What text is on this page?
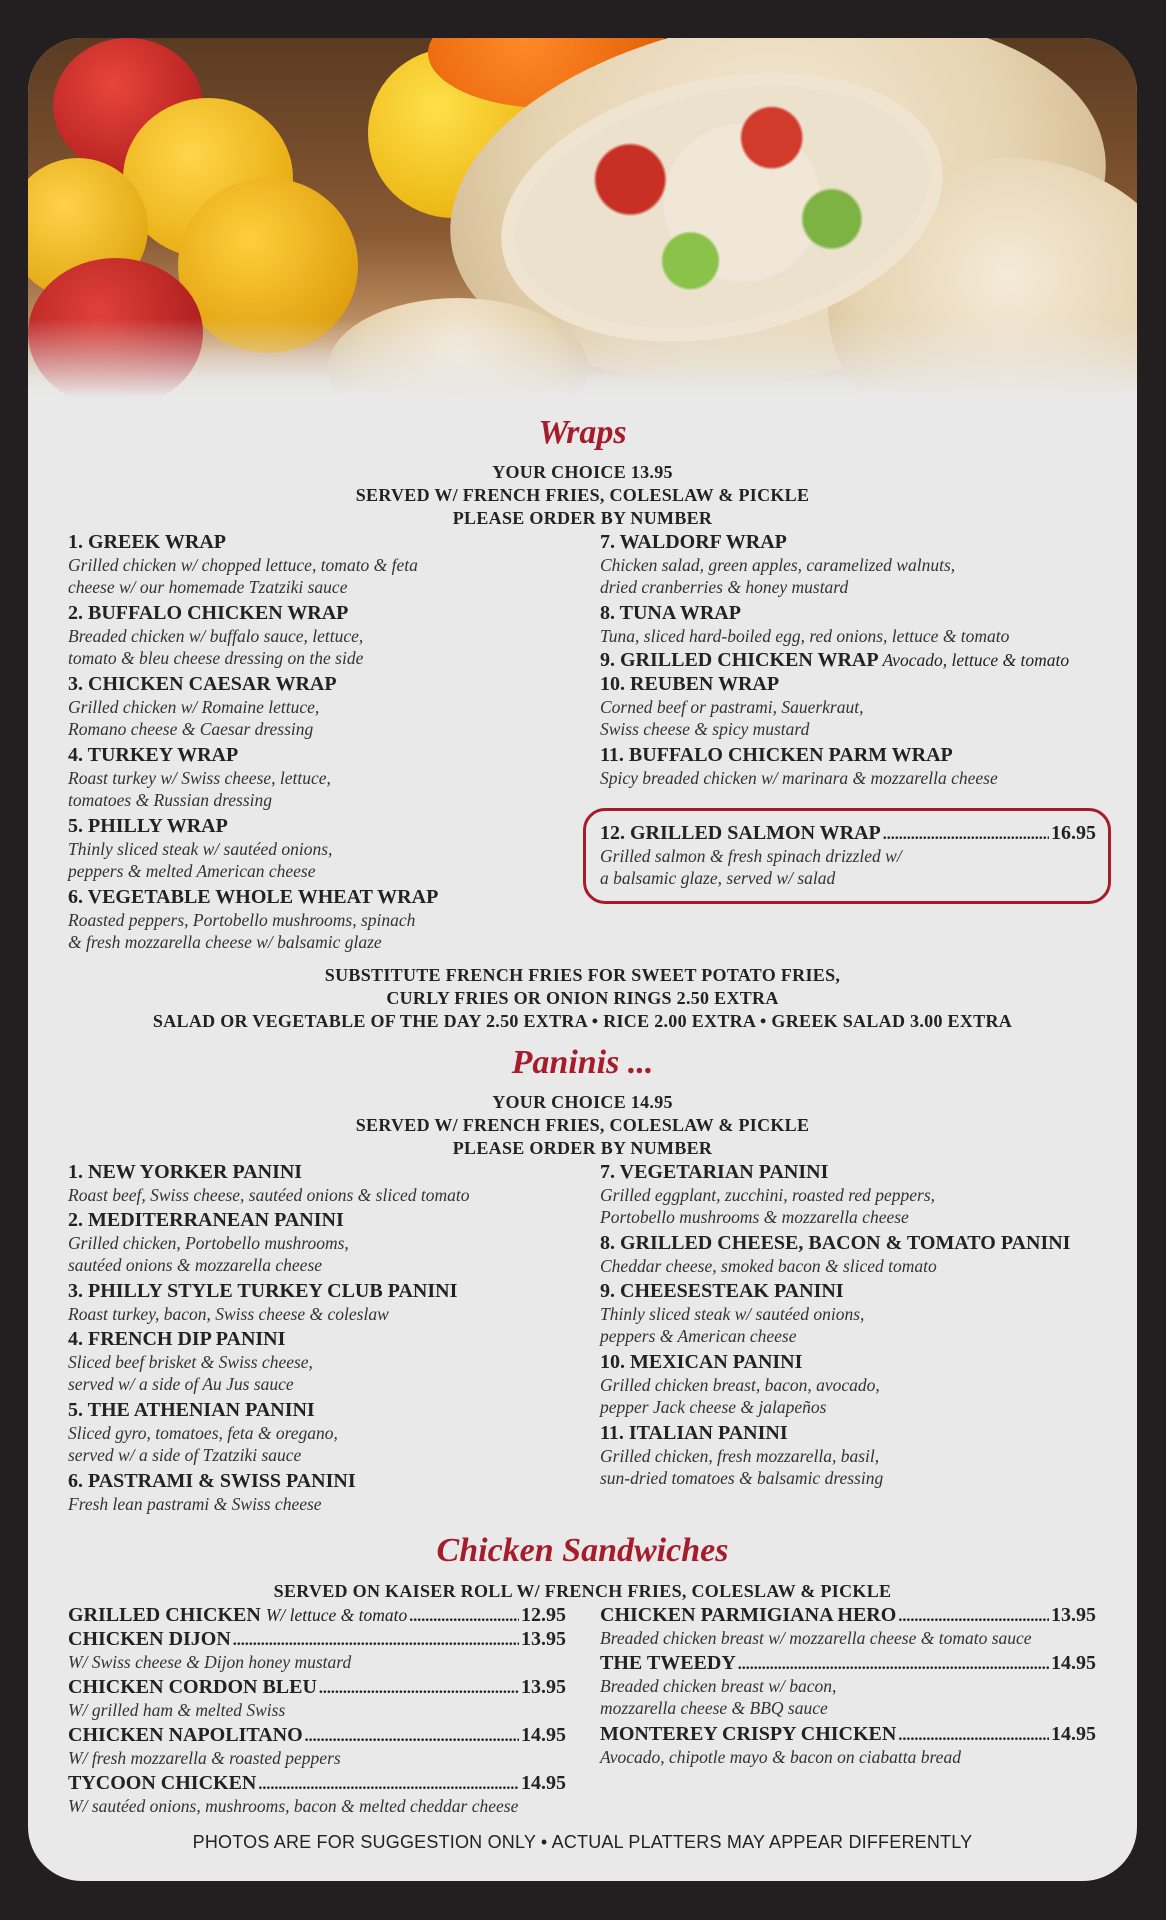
Wraps
YOUR CHOICE 13.95
SERVED W/ FRENCH FRIES, COLESLAW & PICKLE
PLEASE ORDER BY NUMBER
1. GREEK WRAP
Grilled chicken w/ chopped lettuce, tomato & feta
cheese w/ our homemade Tzatziki sauce
2. BUFFALO CHICKEN WRAP
Breaded chicken w/ buffalo sauce, lettuce,
tomato & bleu cheese dressing on the side
3. CHICKEN CAESAR WRAP
Grilled chicken w/ Romaine lettuce,
Romano cheese & Caesar dressing
4. TURKEY WRAP
Roast turkey w/ Swiss cheese, lettuce,
tomatoes & Russian dressing
5. PHILLY WRAP
Thinly sliced steak w/ sautéed onions,
peppers & melted American cheese
6. VEGETABLE WHOLE WHEAT WRAP
Roasted peppers, Portobello mushrooms, spinach
& fresh mozzarella cheese w/ balsamic glaze
7. WALDORF WRAP
Chicken salad, green apples, caramelized walnuts,
dried cranberries & honey mustard
8. TUNA WRAP
Tuna, sliced hard-boiled egg, red onions, lettuce & tomato
9. GRILLED CHICKEN WRAP Avocado, lettuce & tomato
10. REUBEN WRAP
Corned beef or pastrami, Sauerkraut,
Swiss cheese & spicy mustard
11. BUFFALO CHICKEN PARM WRAP
Spicy breaded chicken w/ marinara & mozzarella cheese
12. GRILLED SALMON WRAP .....	16.95
Grilled salmon & fresh spinach drizzled w/
a balsamic glaze, served w/ salad
SUBSTITUTE FRENCH FRIES FOR SWEET POTATO FRIES,
CURLY FRIES OR ONION RINGS 2.50 EXTRA
SALAD OR VEGETABLE OF THE DAY 2.50 EXTRA • RICE 2.00 EXTRA • GREEK SALAD 3.00 EXTRA
Paninis ...
YOUR CHOICE 14.95
SERVED W/ FRENCH FRIES, COLESLAW & PICKLE
PLEASE ORDER BY NUMBER
1. NEW YORKER PANINI
Roast beef, Swiss cheese, sautéed onions & sliced tomato
2. MEDITERRANEAN PANINI
Grilled chicken, Portobello mushrooms,
sautéed onions & mozzarella cheese
3. PHILLY STYLE TURKEY CLUB PANINI
Roast turkey, bacon, Swiss cheese & coleslaw
4. FRENCH DIP PANINI
Sliced beef brisket & Swiss cheese,
served w/ a side of Au Jus sauce
5. THE ATHENIAN PANINI
Sliced gyro, tomatoes, feta & oregano,
served w/ a side of Tzatziki sauce
6. PASTRAMI & SWISS PANINI
Fresh lean pastrami & Swiss cheese
7. VEGETARIAN PANINI
Grilled eggplant, zucchini, roasted red peppers,
Portobello mushrooms & mozzarella cheese
8. GRILLED CHEESE, BACON & TOMATO PANINI
Cheddar cheese, smoked bacon & sliced tomato
9. CHEESESTEAK PANINI
Thinly sliced steak w/ sautéed onions,
peppers & American cheese
10. MEXICAN PANINI
Grilled chicken breast, bacon, avocado,
pepper Jack cheese & jalapeños
11. ITALIAN PANINI
Grilled chicken, fresh mozzarella, basil,
sun-dried tomatoes & balsamic dressing
Chicken Sandwiches
SERVED ON KAISER ROLL W/ FRENCH FRIES, COLESLAW & PICKLE
GRILLED CHICKEN W/ lettuce & tomato .....	12.95
CHICKEN DIJON .....	13.95
W/ Swiss cheese & Dijon honey mustard
CHICKEN CORDON BLEU .....	13.95
W/ grilled ham & melted Swiss
CHICKEN NAPOLITANO .....	14.95
W/ fresh mozzarella & roasted peppers
TYCOON CHICKEN .....	14.95
W/ sautéed onions, mushrooms, bacon & melted cheddar cheese
CHICKEN PARMIGIANA HERO .....	13.95
Breaded chicken breast w/ mozzarella cheese & tomato sauce
THE TWEEDY .....	14.95
Breaded chicken breast w/ bacon,
mozzarella cheese & BBQ sauce
MONTEREY CRISPY CHICKEN .....	14.95
Avocado, chipotle mayo & bacon on ciabatta bread
PHOTOS ARE FOR SUGGESTION ONLY • ACTUAL PLATTERS MAY APPEAR DIFFERENTLY
